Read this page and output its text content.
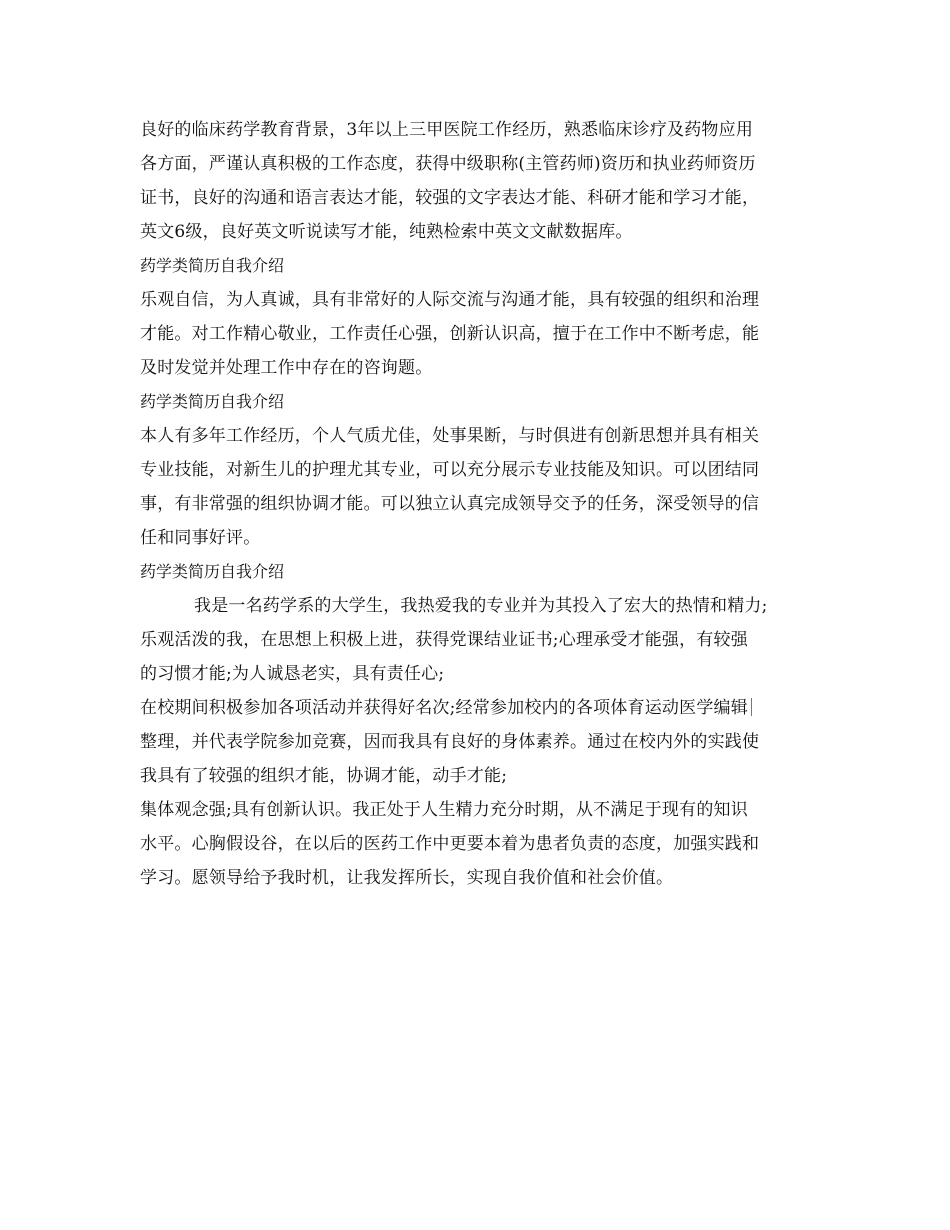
良好的临床药学教育背景，3年以上三甲医院工作经历，熟悉临床诊疗及药物应用
各方面，严谨认真积极的工作态度，获得中级职称(主管药师)资历和执业药师资历
证书，良好的沟通和语言表达才能，较强的文字表达才能、科研才能和学习才能，
英文6级，良好英文听说读写才能，纯熟检索中英文文献数据库。
药学类简历自我介绍
乐观自信，为人真诚，具有非常好的人际交流与沟通才能，具有较强的组织和治理
才能。对工作精心敬业，工作责任心强，创新认识高，擅于在工作中不断考虑，能
及时发觉并处理工作中存在的咨询题。
药学类简历自我介绍
本人有多年工作经历，个人气质尤佳，处事果断，与时俱进有创新思想并具有相关
专业技能，对新生儿的护理尤其专业，可以充分展示专业技能及知识。可以团结同
事，有非常强的组织协调才能。可以独立认真完成领导交予的任务，深受领导的信
任和同事好评。
药学类简历自我介绍
我是一名药学系的大学生，我热爱我的专业并为其投入了宏大的热情和精力;
乐观活泼的我，在思想上积极上进，获得党课结业证书;心理承受才能强，有较强
的习惯才能;为人诚恳老实，具有责任心;
在校期间积极参加各项活动并获得好名次;经常参加校内的各项体育运动医学编辑
整理，并代表学院参加竞赛，因而我具有良好的身体素养。通过在校内外的实践使
我具有了较强的组织才能，协调才能，动手才能;
集体观念强;具有创新认识。我正处于人生精力充分时期，从不满足于现有的知识
水平。心胸假设谷，在以后的医药工作中更要本着为患者负责的态度，加强实践和
学习。愿领导给予我时机，让我发挥所长，实现自我价值和社会价值。
